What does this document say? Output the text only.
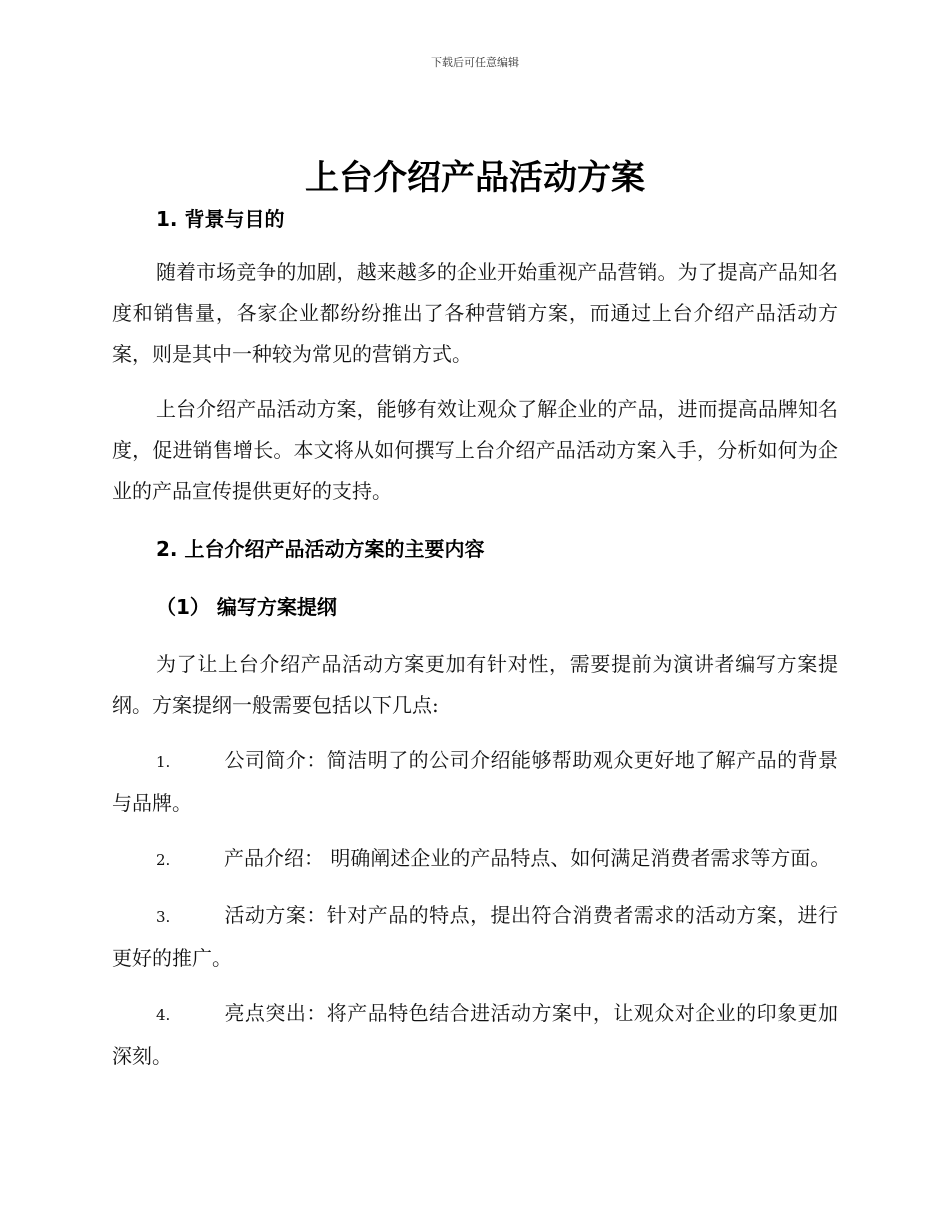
下载后可任意编辑
上台介绍产品活动方案
1. 背景与目的

随着市场竞争的加剧，越来越多的企业开始重视产品营销。为了提高产品知名度和销售量，各家企业都纷纷推出了各种营销方案，而通过上台介绍产品活动方案，则是其中一种较为常见的营销方式。

上台介绍产品活动方案，能够有效让观众了解企业的产品，进而提高品牌知名度，促进销售增长。本文将从如何撰写上台介绍产品活动方案入手，分析如何为企业的产品宣传提供更好的支持。

2. 上台介绍产品活动方案的主要内容
（1） 编写方案提纲

为了让上台介绍产品活动方案更加有针对性，需要提前为演讲者编写方案提纲。方案提纲一般需要包括以下几点:

1.	公司简介：简洁明了的公司介绍能够帮助观众更好地了解产品的背景与品牌。

2.	产品介绍： 明确阐述企业的产品特点、如何满足消费者需求等方面。

3.	活动方案：针对产品的特点，提出符合消费者需求的活动方案，进行更好的推广。

4.	亮点突出：将产品特色结合进活动方案中，让观众对企业的印象更加深刻。
